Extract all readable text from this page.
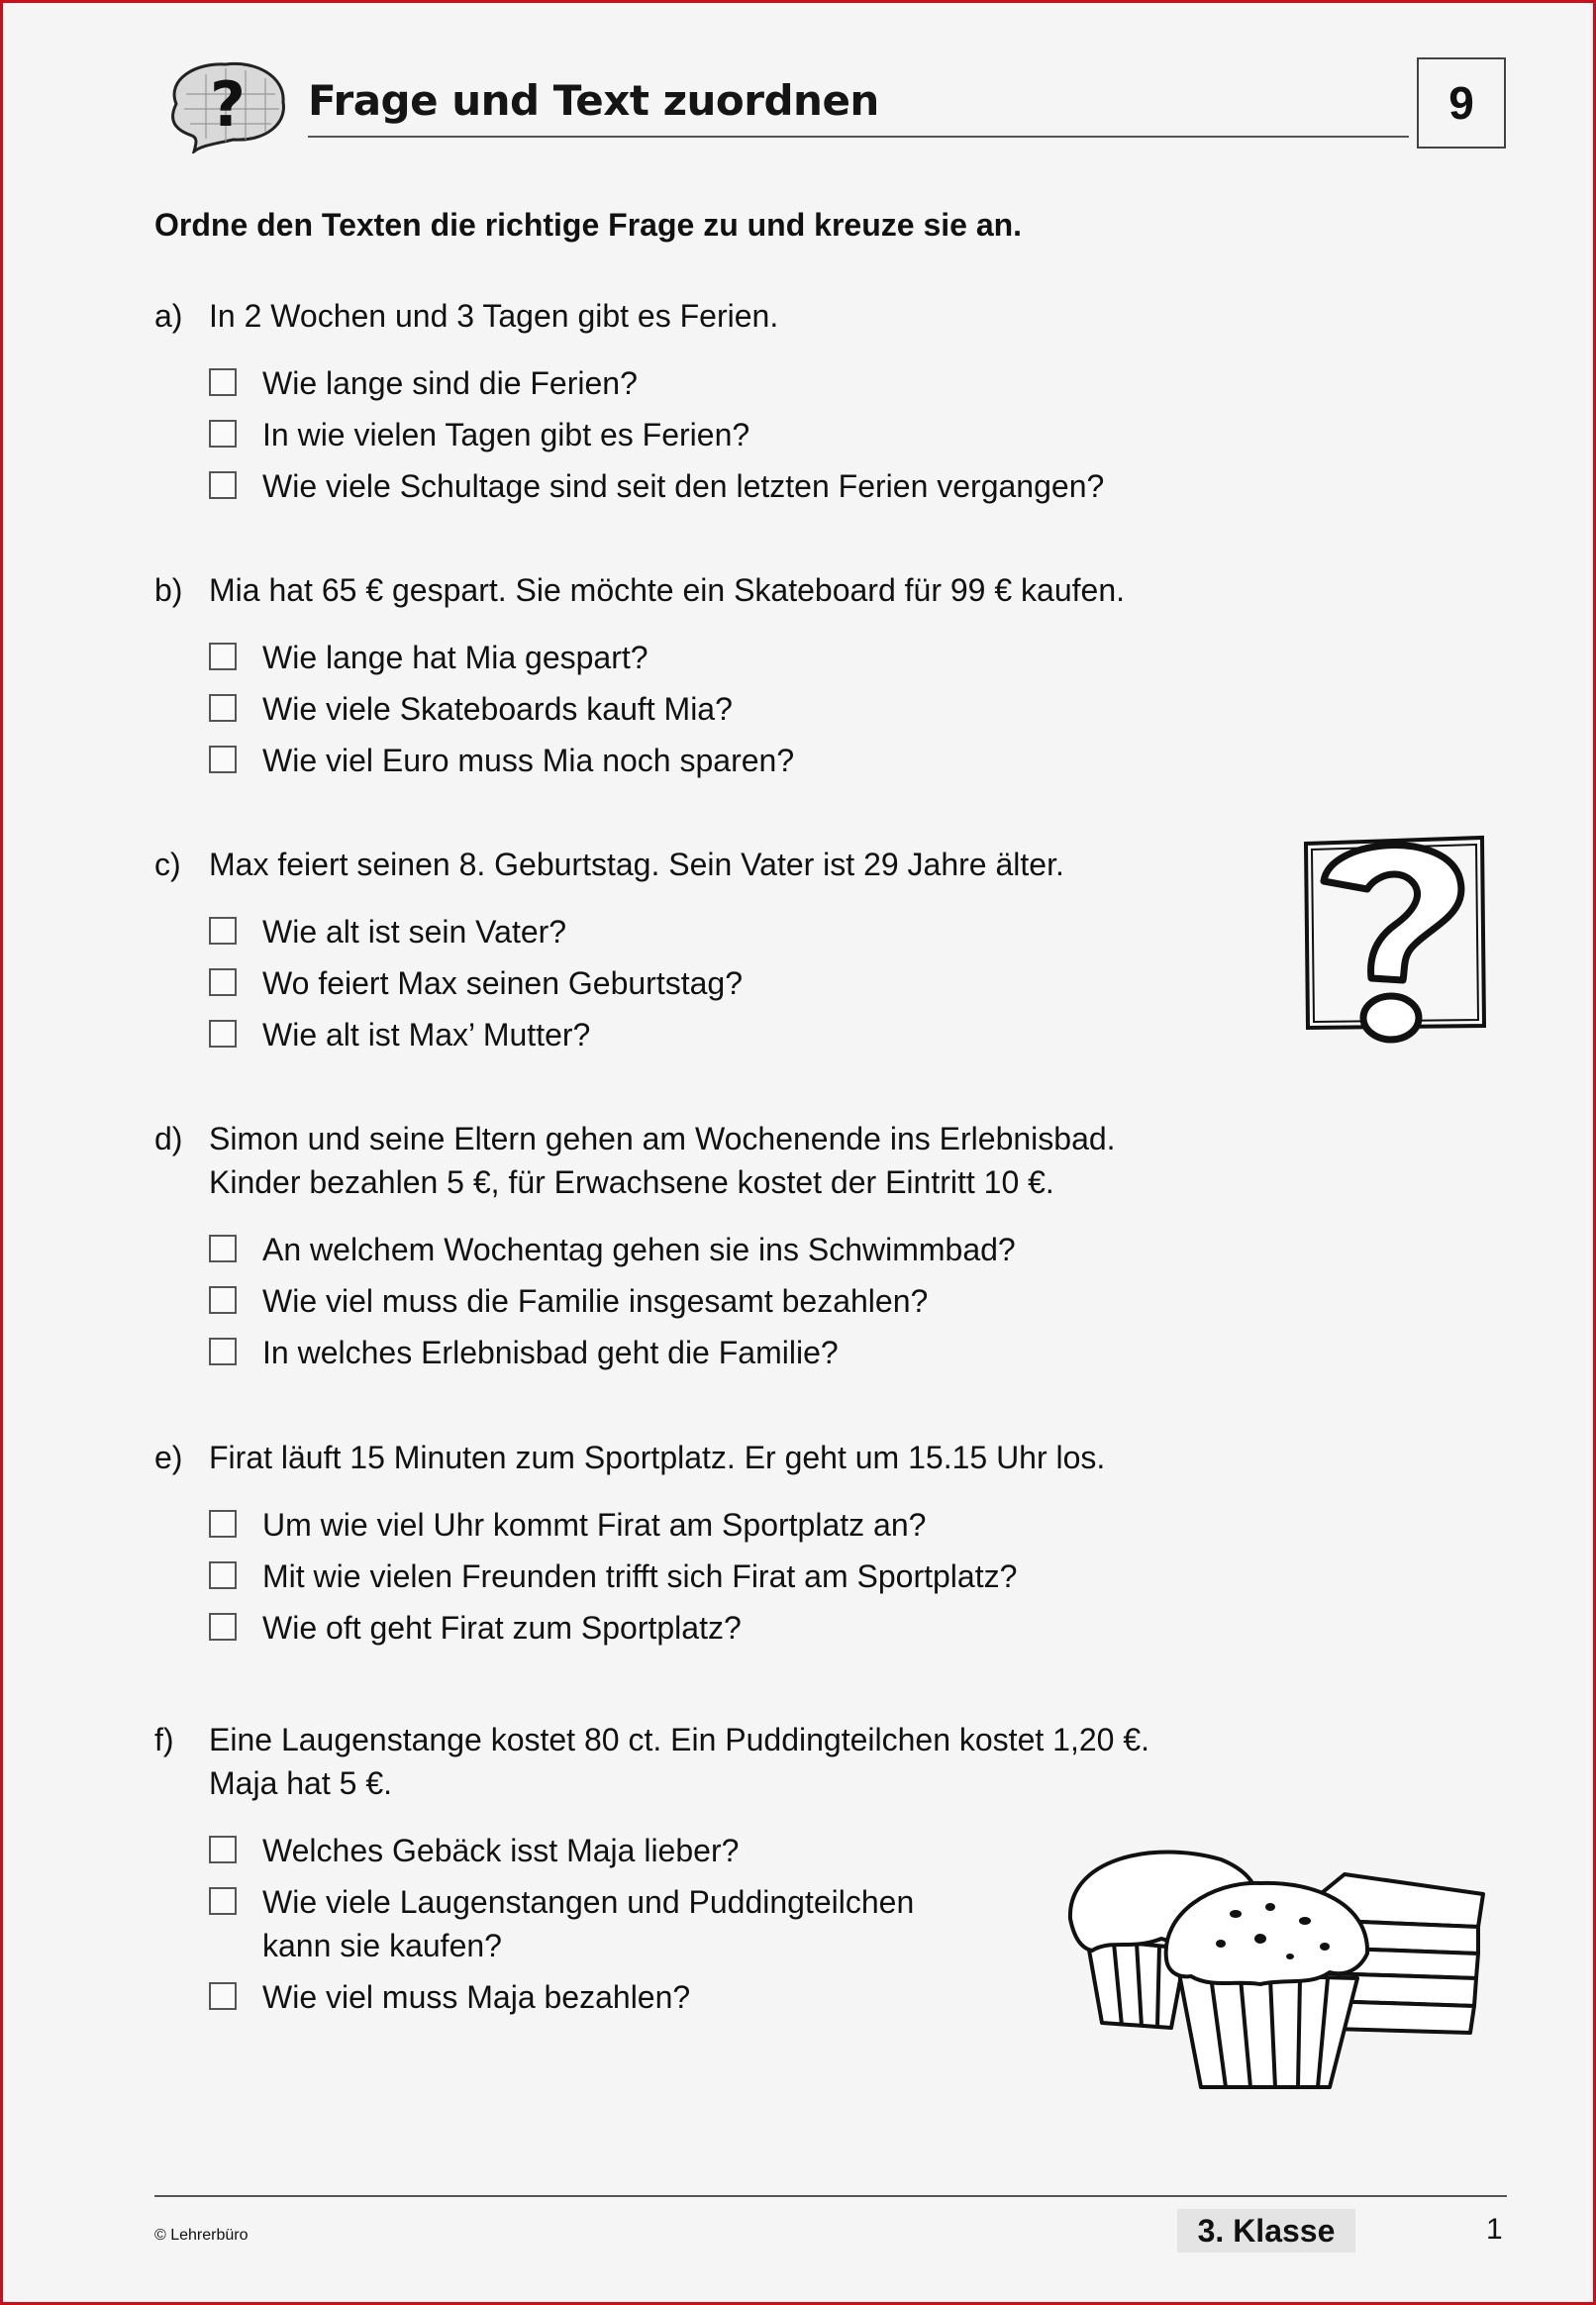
? Frage und Text zuordnen	9
Ordne den Texten die richtige Frage zu und kreuze sie an.
a) In 2 Wochen und 3 Tagen gibt es Ferien.
Wie lange sind die Ferien?
In wie vielen Tagen gibt es Ferien?
Wie viele Schultage sind seit den letzten Ferien vergangen?
b) Mia hat 65 € gespart. Sie möchte ein Skateboard für 99 € kaufen.
Wie lange hat Mia gespart?
Wie viele Skateboards kauft Mia?
Wie viel Euro muss Mia noch sparen?
c) Max feiert seinen 8. Geburtstag. Sein Vater ist 29 Jahre älter.
Wie alt ist sein Vater?
Wo feiert Max seinen Geburtstag?
Wie alt ist Max’ Mutter?
d) Simon und seine Eltern gehen am Wochenende ins Erlebnisbad.
Kinder bezahlen 5 €, für Erwachsene kostet der Eintritt 10 €.
An welchem Wochentag gehen sie ins Schwimmbad?
Wie viel muss die Familie insgesamt bezahlen?
In welches Erlebnisbad geht die Familie?
e) Firat läuft 15 Minuten zum Sportplatz. Er geht um 15.15 Uhr los.
Um wie viel Uhr kommt Firat am Sportplatz an?
Mit wie vielen Freunden trifft sich Firat am Sportplatz?
Wie oft geht Firat zum Sportplatz?
f)	Eine Laugenstange kostet 80 ct. Ein Puddingteilchen kostet 1,20 €.
Maja hat 5 €.
Welches Gebäck isst Maja lieber?
Wie viele Laugenstangen und Puddingteilchen
kann sie kaufen?
Wie viel muss Maja bezahlen?
© Lehrerbüro	3. Klasse	1
